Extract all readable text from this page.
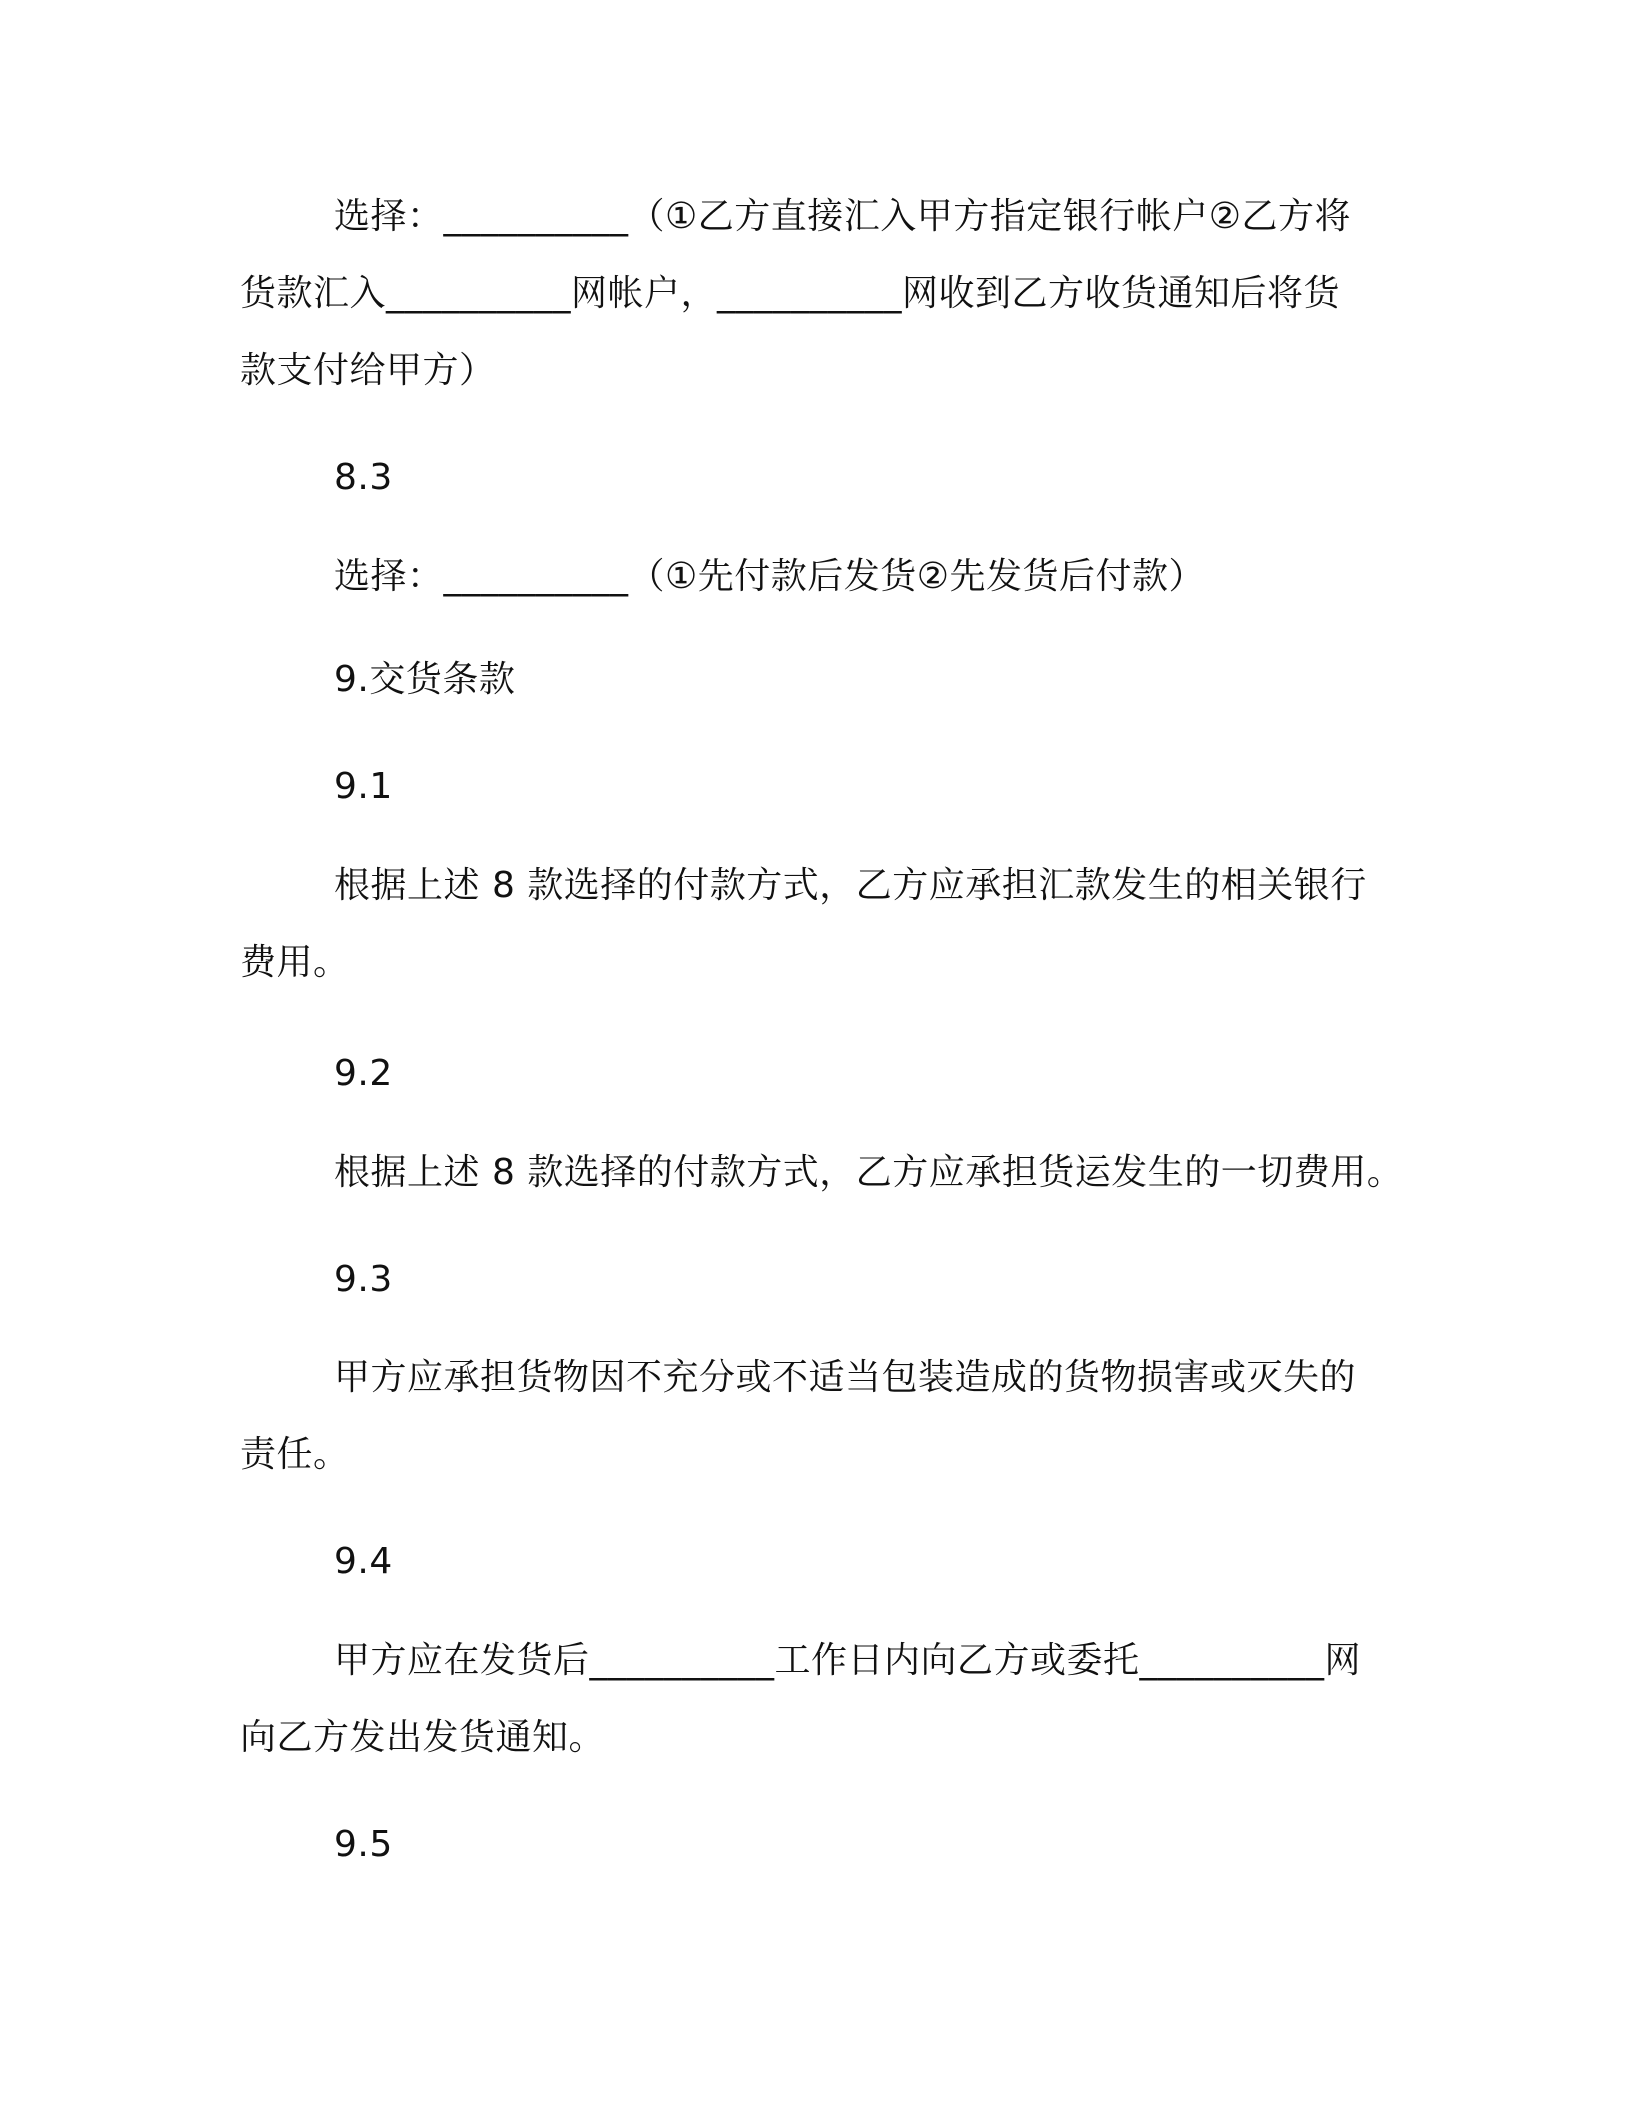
选择：__________（①乙方直接汇入甲方指定银行帐户②乙方将
货款汇入__________网帐户，__________网收到乙方收货通知后将货
款支付给甲方）
8.3
选择：__________（①先付款后发货②先发货后付款）
9.交货条款
9.1
根据上述 8 款选择的付款方式，乙方应承担汇款发生的相关银行
费用。
9.2
根据上述 8 款选择的付款方式，乙方应承担货运发生的一切费用。
9.3
甲方应承担货物因不充分或不适当包装造成的货物损害或灭失的
责任。
9.4
甲方应在发货后__________工作日内向乙方或委托__________网
向乙方发出发货通知。
9.5
